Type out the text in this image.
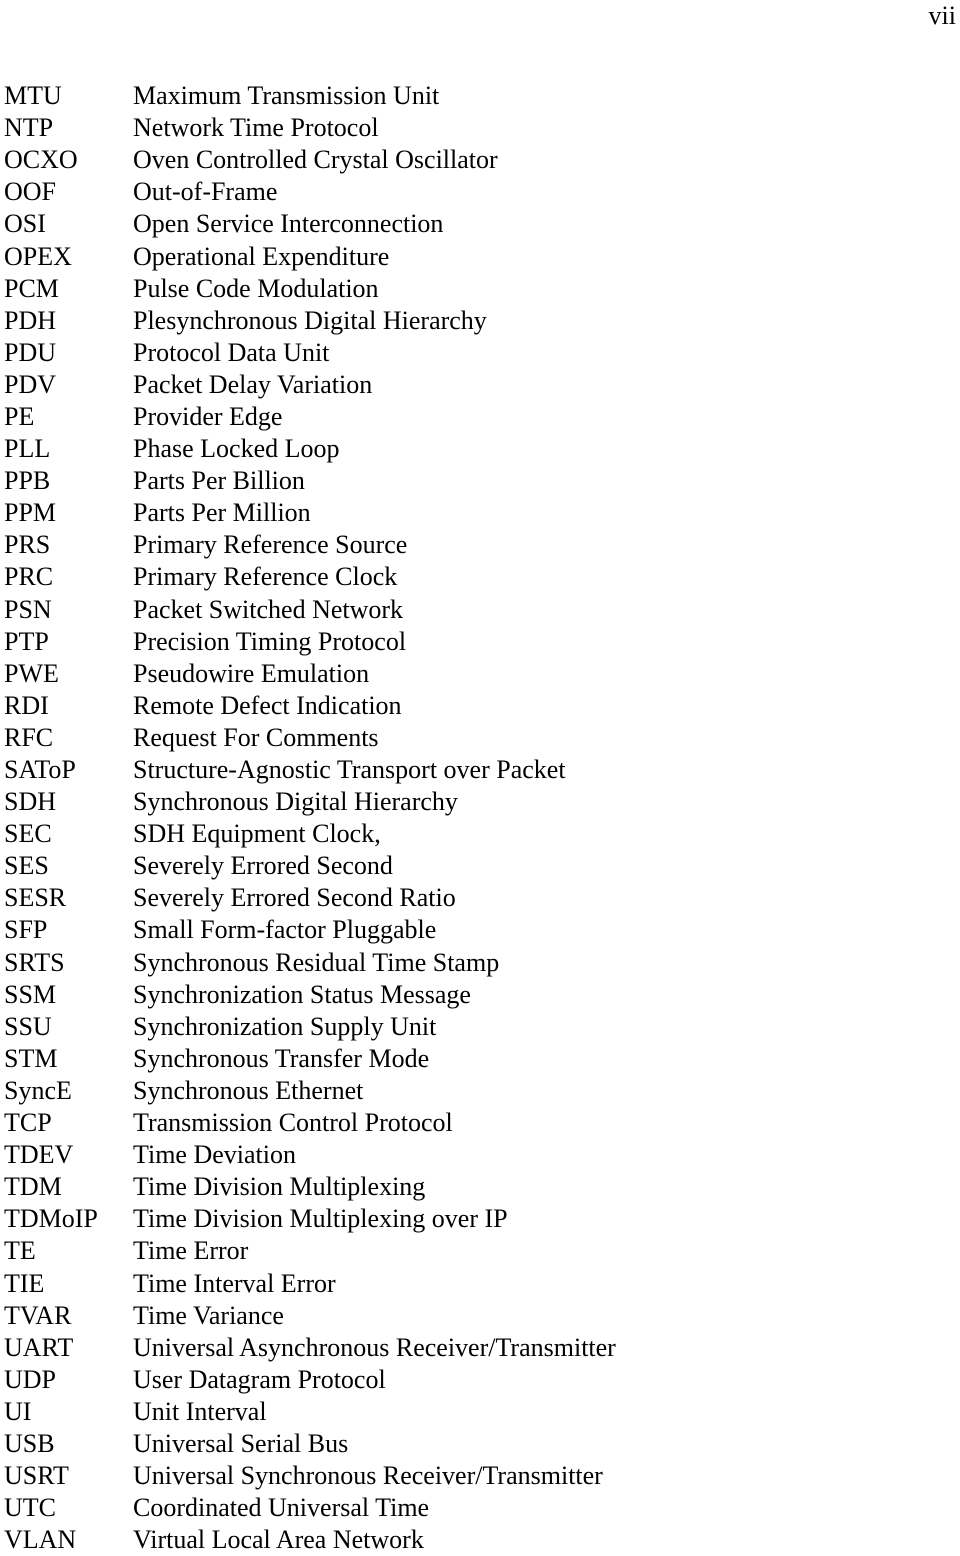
vii
MTU	Maximum Transmission Unit
NTP	Network Time Protocol
OCXO	Oven Controlled Crystal Oscillator
OOF	Out-of-Frame
OSI	Open Service Interconnection
OPEX	Operational Expenditure
PCM	Pulse Code Modulation
PDH	Plesynchronous Digital Hierarchy
PDU	Protocol Data Unit
PDV	Packet Delay Variation
PE	Provider Edge
PLL	Phase Locked Loop
PPB	Parts Per Billion
PPM	Parts Per Million
PRS	Primary Reference Source
PRC	Primary Reference Clock
PSN	Packet Switched Network
PTP	Precision Timing Protocol
PWE	Pseudowire Emulation
RDI	Remote Defect Indication
RFC	Request For Comments
SAToP	Structure-Agnostic Transport over Packet
SDH	Synchronous Digital Hierarchy
SEC	SDH Equipment Clock,
SES	Severely Errored Second
SESR	Severely Errored Second Ratio
SFP	Small Form-factor Pluggable
SRTS	Synchronous Residual Time Stamp
SSM	Synchronization Status Message
SSU	Synchronization Supply Unit
STM	Synchronous Transfer Mode
SyncE	Synchronous Ethernet
TCP	Transmission Control Protocol
TDEV	Time Deviation
TDM	Time Division Multiplexing
TDMoIP	Time Division Multiplexing over IP
TE	Time Error
TIE	Time Interval Error
TVAR	Time Variance
UART	Universal Asynchronous Receiver/Transmitter
UDP	User Datagram Protocol
UI	Unit Interval
USB	Universal Serial Bus
USRT	Universal Synchronous Receiver/Transmitter
UTC	Coordinated Universal Time
VLAN	Virtual Local Area Network
